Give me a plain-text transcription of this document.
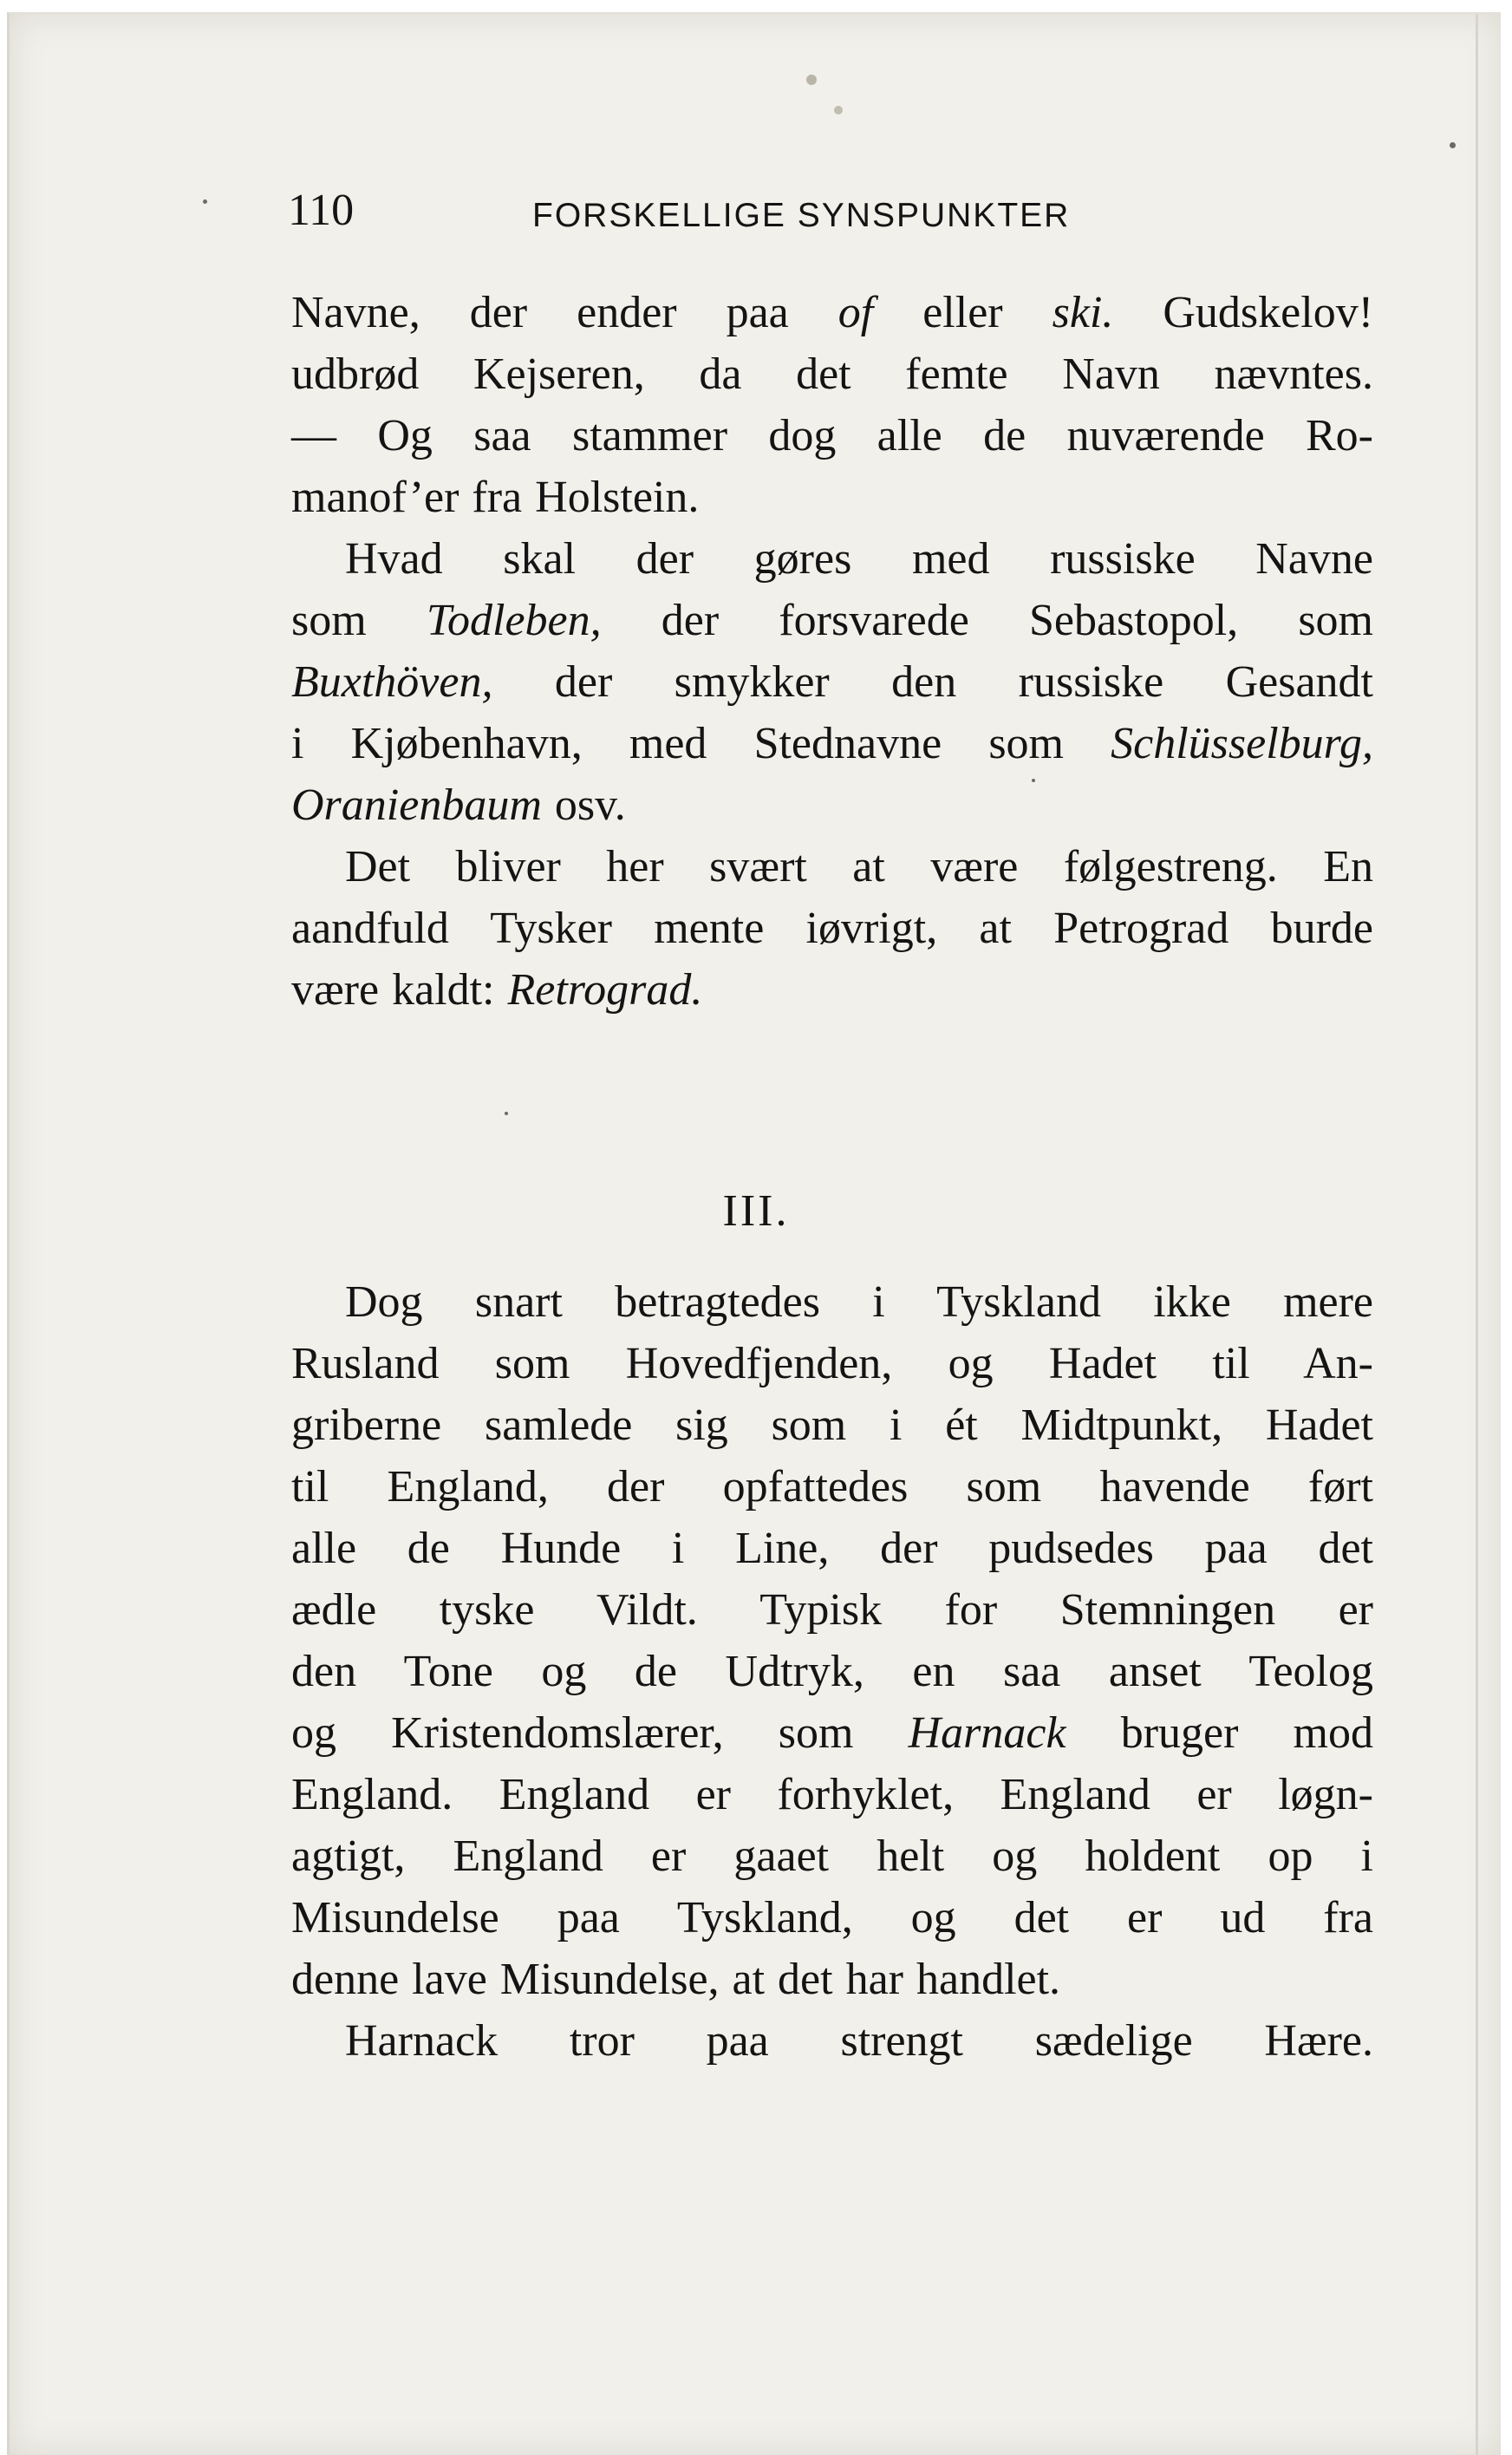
110	FORSKELLIGE SYNSPUNKTER
Navne, der ender paa of eller ski. Gudskelov!
udbrød Kejseren, da det femte Navn nævntes.
— Og saa stammer dog alle de nuværende Ro-
manof’er fra Holstein.
Hvad skal der gøres med russiske Navne
som Todleben, der forsvarede Sebastopol, som
Buxthöven, der smykker den russiske Gesandt
i Kjøbenhavn, med Stednavne som Schlüsselburg,
Oranienbaum osv.
Det bliver her svært at være følgestreng. En
aandfuld Tysker mente iøvrigt, at Petrograd burde
være kaldt: Retrograd.
III.
Dog snart betragtedes i Tyskland ikke mere
Rusland som Hovedfjenden, og Hadet til An-
griberne samlede sig som i ét Midtpunkt, Hadet
til England, der opfattedes som havende ført
alle de Hunde i Line, der pudsedes paa det
ædle tyske Vildt. Typisk for Stemningen er
den Tone og de Udtryk, en saa anset Teolog
og Kristendomslærer, som Harnack bruger mod
England. England er forhyklet, England er løgn-
agtigt, England er gaaet helt og holdent op i
Misundelse paa Tyskland, og det er ud fra
denne lave Misundelse, at det har handlet.
Harnack tror paa strengt sædelige Hære.
